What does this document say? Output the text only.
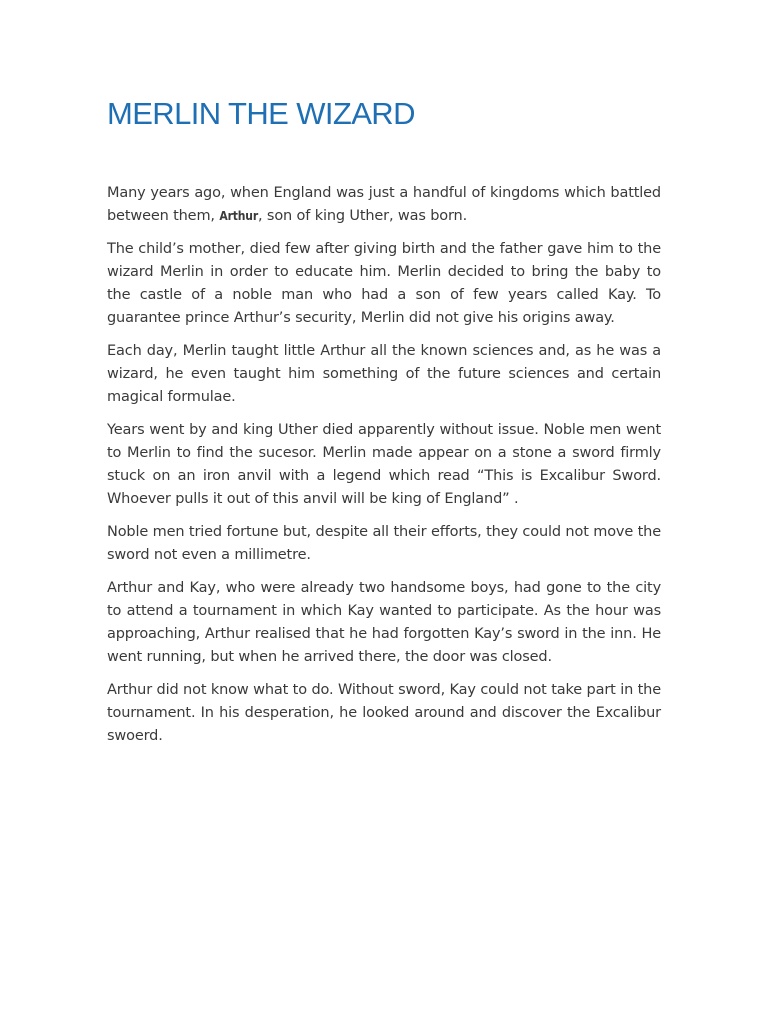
MERLIN THE WIZARD

Many years ago, when England was just a handful of kingdoms which battled between them, Arthur, son of king Uther, was born.

The child’s mother, died few after giving birth and the father gave him to the wizard Merlin in order to educate him. Merlin decided to bring the baby to the castle of a noble man who had a son of few years called Kay. To guarantee prince Arthur’s security, Merlin did not give his origins away.

Each day, Merlin taught little Arthur all the known sciences and, as he was a wizard, he even taught him something of the future sciences and certain magical formulae.

Years went by and king Uther died apparently without issue. Noble men went to Merlin to find the sucesor. Merlin made appear on a stone a sword firmly stuck on an iron anvil with a legend which read “This is Excalibur Sword. Whoever pulls it out of this anvil will be king of England” .

Noble men tried fortune but, despite all their efforts, they could not move the sword not even a millimetre.

Arthur and Kay, who were already two handsome boys, had gone to the city to attend a tournament in which Kay wanted to participate. As the hour was approaching, Arthur realised that he had forgotten Kay’s sword in the inn. He went running, but when he arrived there, the door was closed.

Arthur did not know what to do. Without sword, Kay could not take part in the tournament. In his desperation, he looked around and discover the Excalibur swoerd.
